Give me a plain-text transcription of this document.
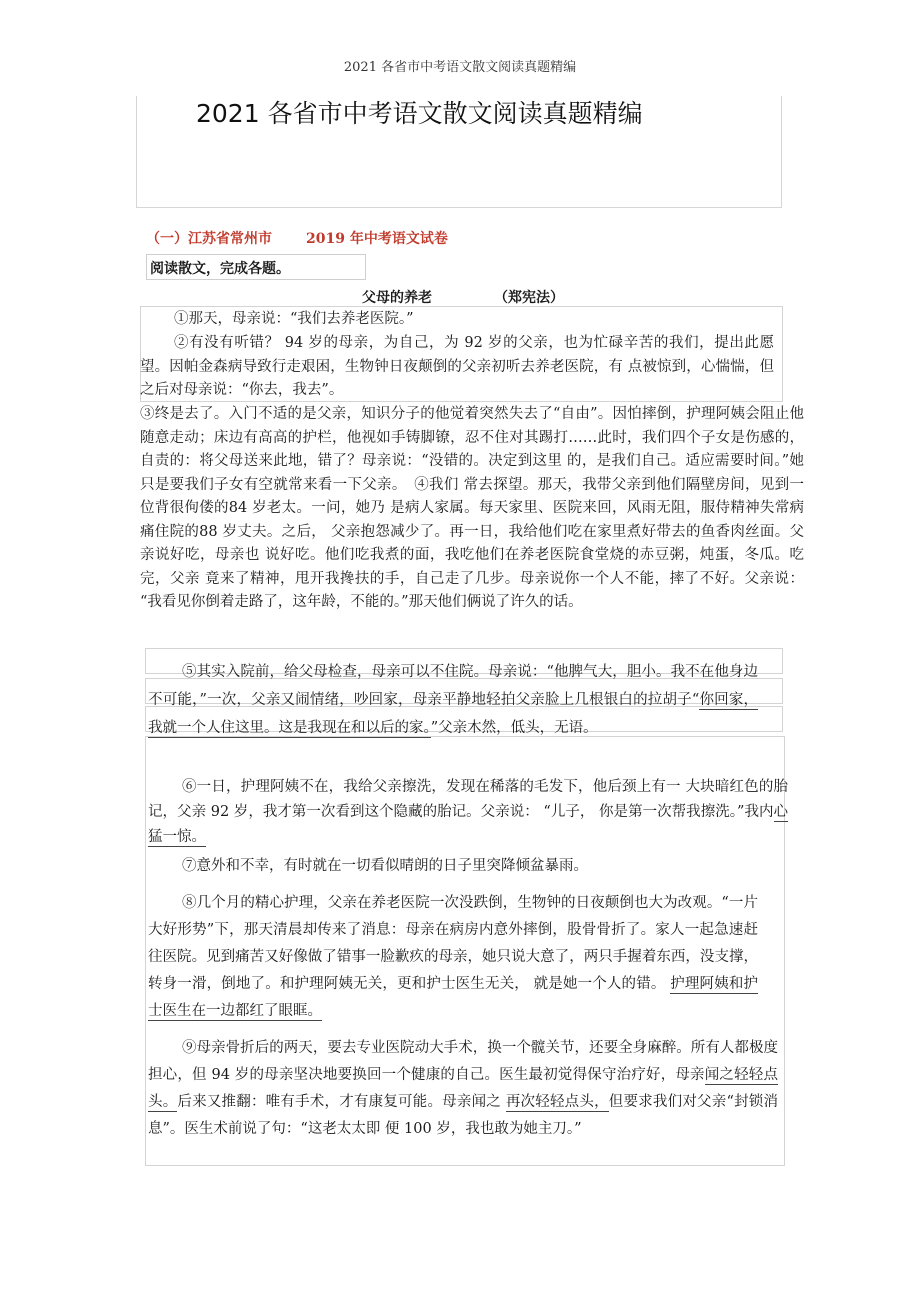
2021 各省市中考语文散文阅读真题精编
2021 各省市中考语文散文阅读真题精编
（一）江苏省常州市 2019 年中考语文试卷
阅读散文，完成各题。
父母的养老	（郑宪法）

①那天，母亲说：“我们去养老医院。”

②有没有听错？ 94 岁的母亲，为自己，为 92 岁的父亲，也为忙碌辛苦的我们，提出此愿望。因帕金森病导致行走艰困，生物钟日夜颠倒的父亲初听去养老医院，有 点被惊到，心惴惴，但之后对母亲说：“你去，我去”。

③终是去了。入门不适的是父亲，知识分子的他觉着突然失去了“自由”。因怕摔倒，护理阿姨会阻止他随意走动；床边有高高的护栏，他视如手铸脚镣，忍不住对其踢打……此时，我们四个子女是伤感的，自责的：将父母送来此地，错了？母亲说：“没错的。决定到这里 的，是我们自己。适应需要时间。”她只是要我们子女有空就常来看一下父亲。　④我们 常去探望。那天，我带父亲到他们隔壁房间，见到一位背很佝偻的84 岁老太。一问，她乃 是病人家属。每天家里、医院来回，风雨无阻，服侍精神失常病痛住院的88 岁丈夫。之后， 父亲抱怨减少了。再一日，我给他们吃在家里煮好带去的鱼香肉丝面。父亲说好吃，母亲也 说好吃。他们吃我煮的面，我吃他们在养老医院食堂烧的赤豆粥，炖蛋，冬瓜。吃完，父亲 竟来了精神，甩开我搀扶的手，自己走了几步。母亲说你一个人不能，摔了不好。父亲说： “我看见你倒着走路了，这年龄，不能的。”那天他们俩说了许久的话。

⑤其实入院前，给父母检查，母亲可以不住院。母亲说：“他脾气大，胆小。我不在他身边不可能，”一次，父亲又闹情绪，吵回家，母亲平静地轻拍父亲脸上几根银白的拉胡子“你回家，我就一个人住这里。这是我现在和以后的家。”父亲木然，低头，无语。

⑥一日，护理阿姨不在，我给父亲擦洗，发现在稀落的毛发下，他后颈上有一 大块暗红色的胎记，父亲 92 岁，我才第一次看到这个隐藏的胎记。父亲说： “儿子， 你是第一次帮我擦洗。”我内心猛一惊。

⑦意外和不幸，有时就在一切看似晴朗的日子里突降倾盆暴雨。

⑧几个月的精心护理，父亲在养老医院一次没跌倒，生物钟的日夜颠倒也大为改观。“一片大好形势”下，那天清晨却传来了消息：母亲在病房内意外摔倒，股骨骨折了。家人一起急速赶往医院。见到痛苦又好像做了错事一脸歉疚的母亲，她只说大意了，两只手握着东西，没支撑，转身一滑，倒地了。和护理阿姨无关，更和护士医生无关， 就是她一个人的错。 护理阿姨和护士医生在一边都红了眼眶。

⑨母亲骨折后的两天，要去专业医院动大手术，换一个髋关节，还要全身麻醉。所有人都极度担心，但 94 岁的母亲坚决地要换回一个健康的自己。医生最初觉得保守治疗好，母亲闻之轻轻点头。后来又推翻：唯有手术，才有康复可能。母亲闻之 再次轻轻点头，但要求我们对父亲“封锁消息”。医生术前说了句：“这老太太即 便 100 岁，我也敢为她主刀。”
